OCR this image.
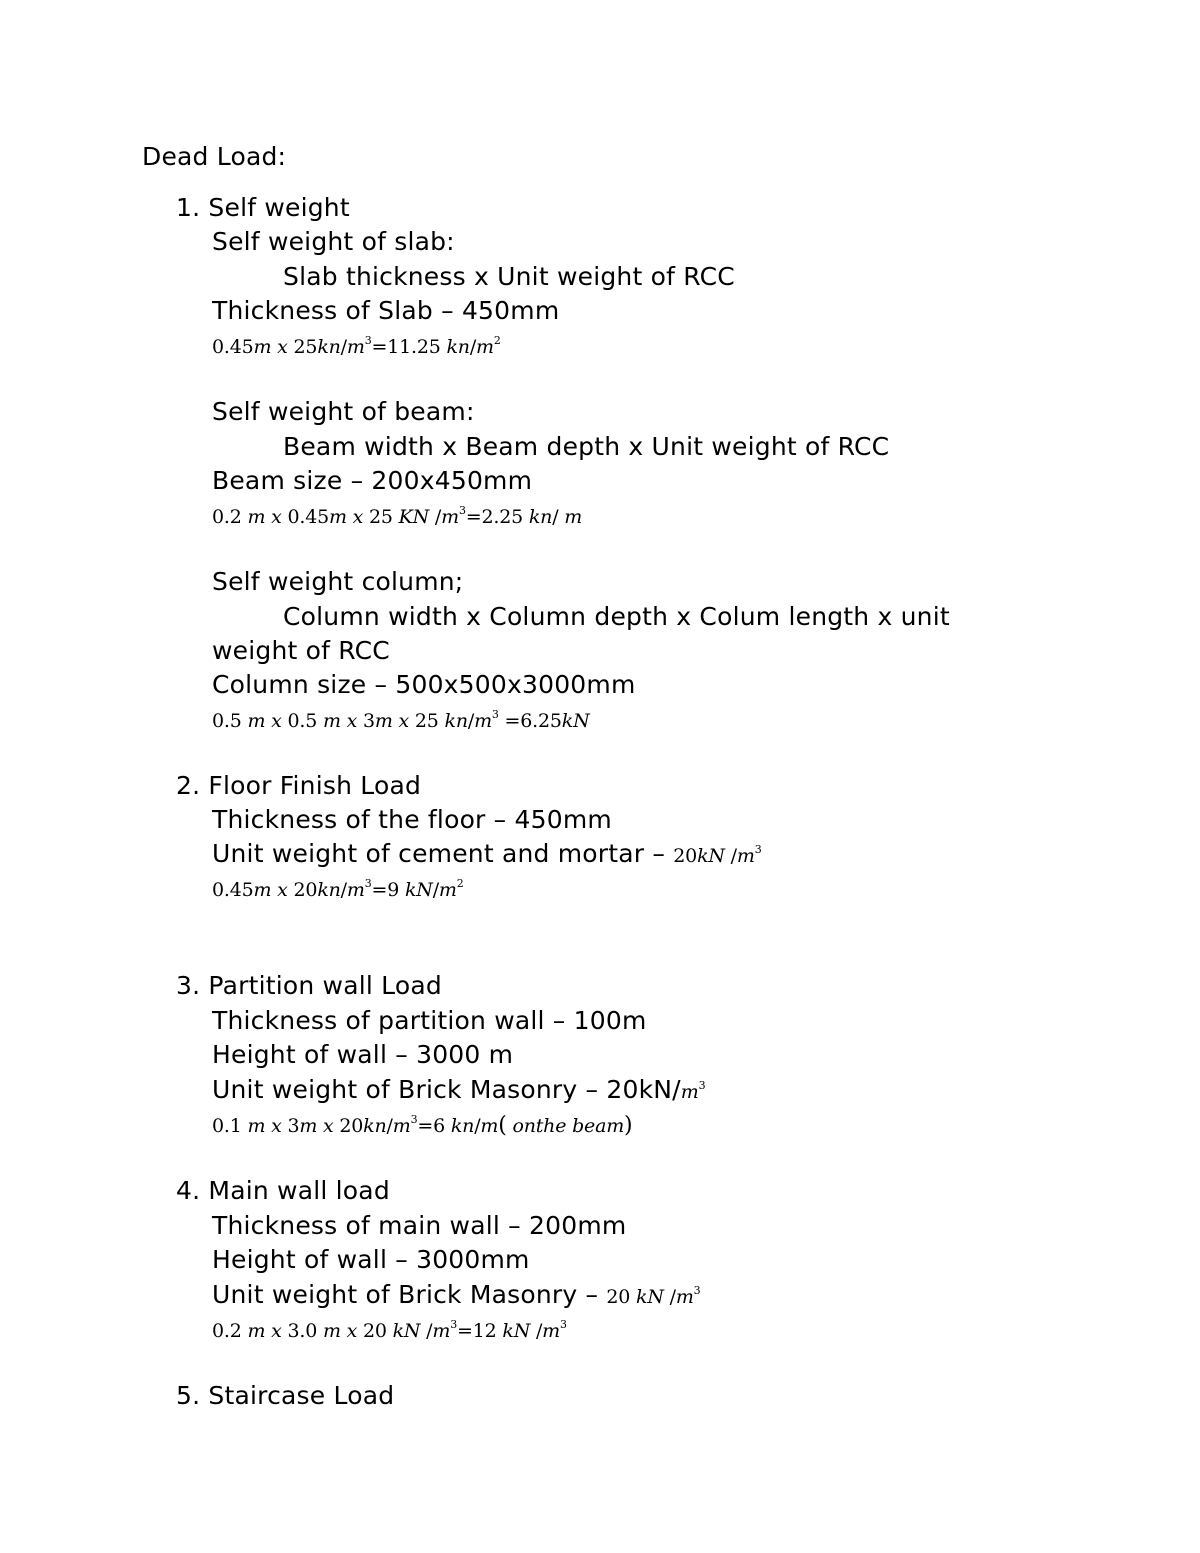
Dead Load:
1. Self weight
Self weight of slab:
Slab thickness x Unit weight of RCC
Thickness of Slab – 450mm
0.45m x $25kn/m^3=11.25$ $kn/m^2$
Self weight of beam:
Beam width x Beam depth x Unit weight of RCC
Beam size – 200x450mm
0.2 m x 0.45m x 25 KN $/m^3=2.25$ kn/ m
Self weight column;
Column width x Column depth x Colum length x unit
weight of RCC
Column size – 500x500x3000mm
0.5 m x 0.5 m x 3m x 25 $kn/m^3 =6.25kN$
2. Floor Finish Load
Thickness of the floor – 450mm
Unit weight of cement and mortar – 20kN $/m^3$
0.45m x $20kn/m^3=9$ $kN/m^2$
3. Partition wall Load
Thickness of partition wall – 100m
Height of wall – 3000 m
Unit weight of Brick Masonry – $20kN/m^3$
0.1 m x 3m x $20kn/m^3=6$ kn/m( onthe beam)
4. Main wall load
Thickness of main wall – 200mm
Height of wall – 3000mm
Unit weight of Brick Masonry – 20 kN $/m^3$
0.2 m x 3.0 m x 20 kN $/m^3=12$ kN $/m^3$
5. Staircase Load
